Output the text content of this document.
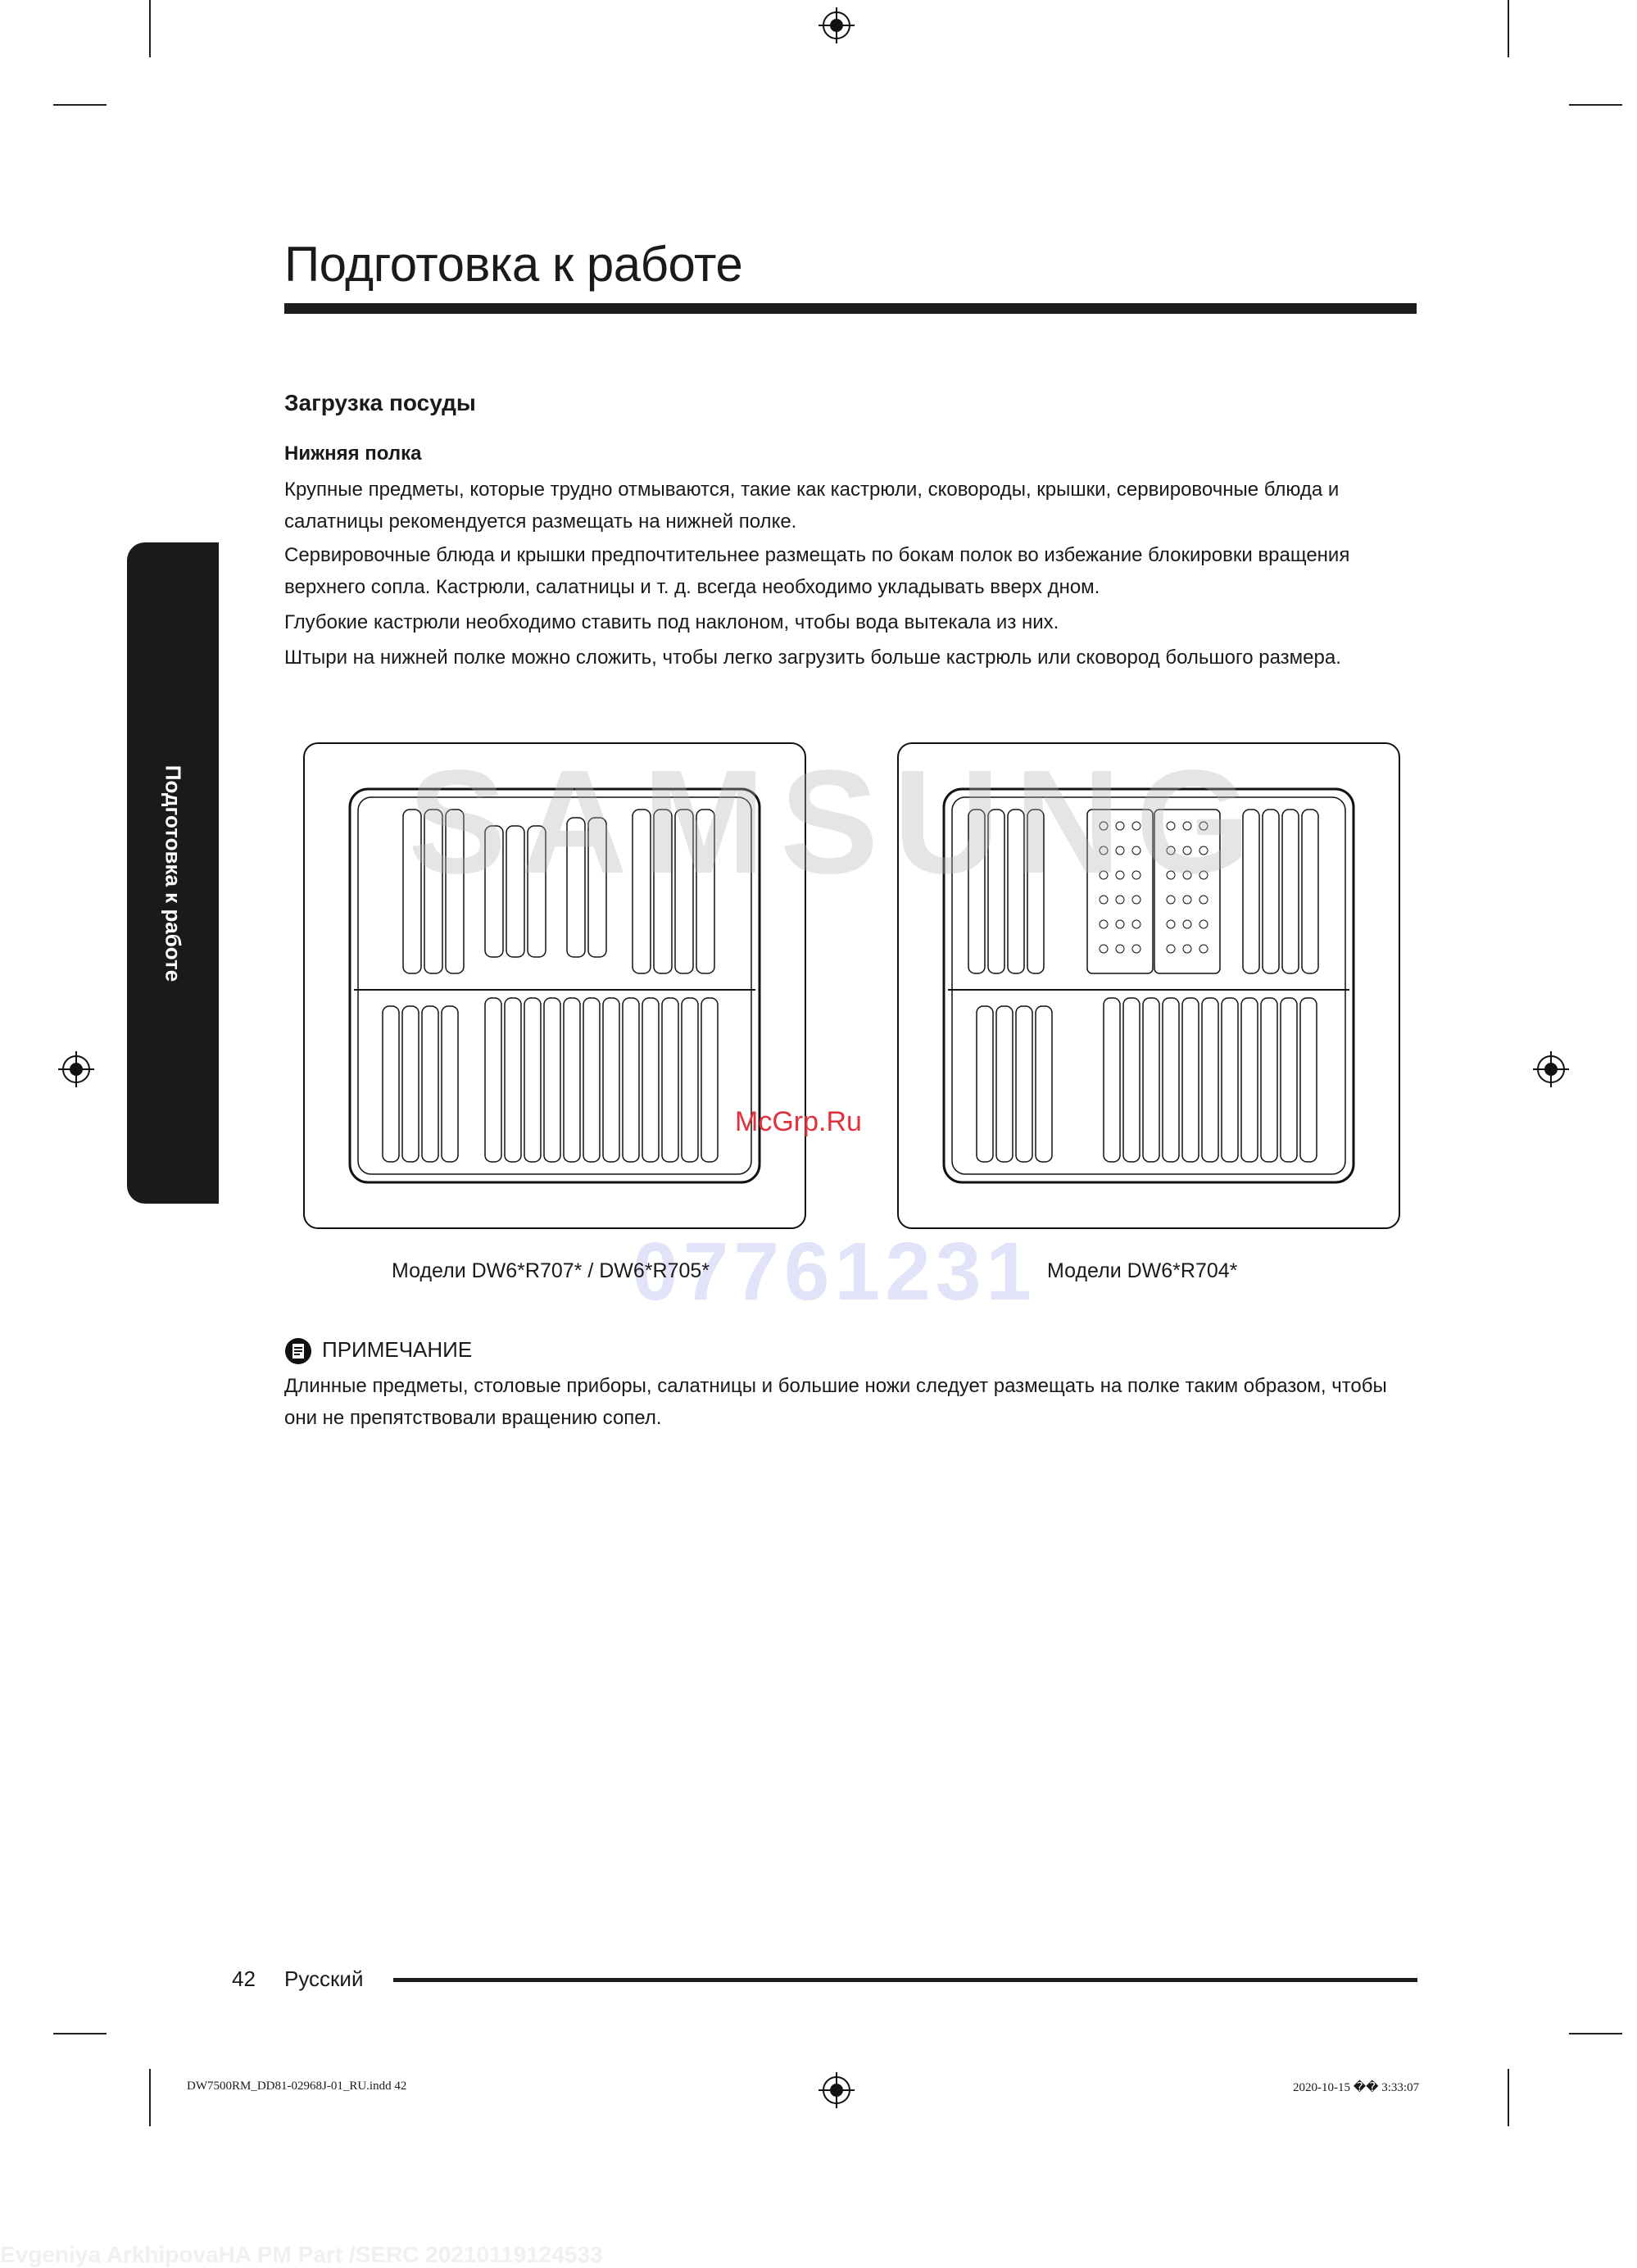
Подготовка к работе
Подготовка к работе
Загрузка посуды
Нижняя полка
Крупные предметы, которые трудно отмываются, такие как кастрюли, сковороды, крышки, сервировочные блюда и салатницы рекомендуется размещать на нижней полке.
Сервировочные блюда и крышки предпочтительнее размещать по бокам полок во избежание блокировки вращения верхнего сопла. Кастрюли, салатницы и т. д. всегда необходимо укладывать вверх дном.
Глубокие кастрюли необходимо ставить под наклоном, чтобы вода вытекала из них.
Штыри на нижней полке можно сложить, чтобы легко загрузить больше кастрюль или сковород большого размера.
SAMSUNG
McGrp.Ru
07761231
Модели DW6*R707* / DW6*R705*	Модели DW6*R704*
ПРИМЕЧАНИЕ
Длинные предметы, столовые приборы, салатницы и большие ножи следует размещать на полке таким образом, чтобы они не препятствовали вращению сопел.
42 Русский
DW7500RM_DD81-02968J-01_RU.indd 42	2020-10-15 �� 3:33:07
Evgeniya ArkhipovaHA PM Part /SERC 20210119124533
